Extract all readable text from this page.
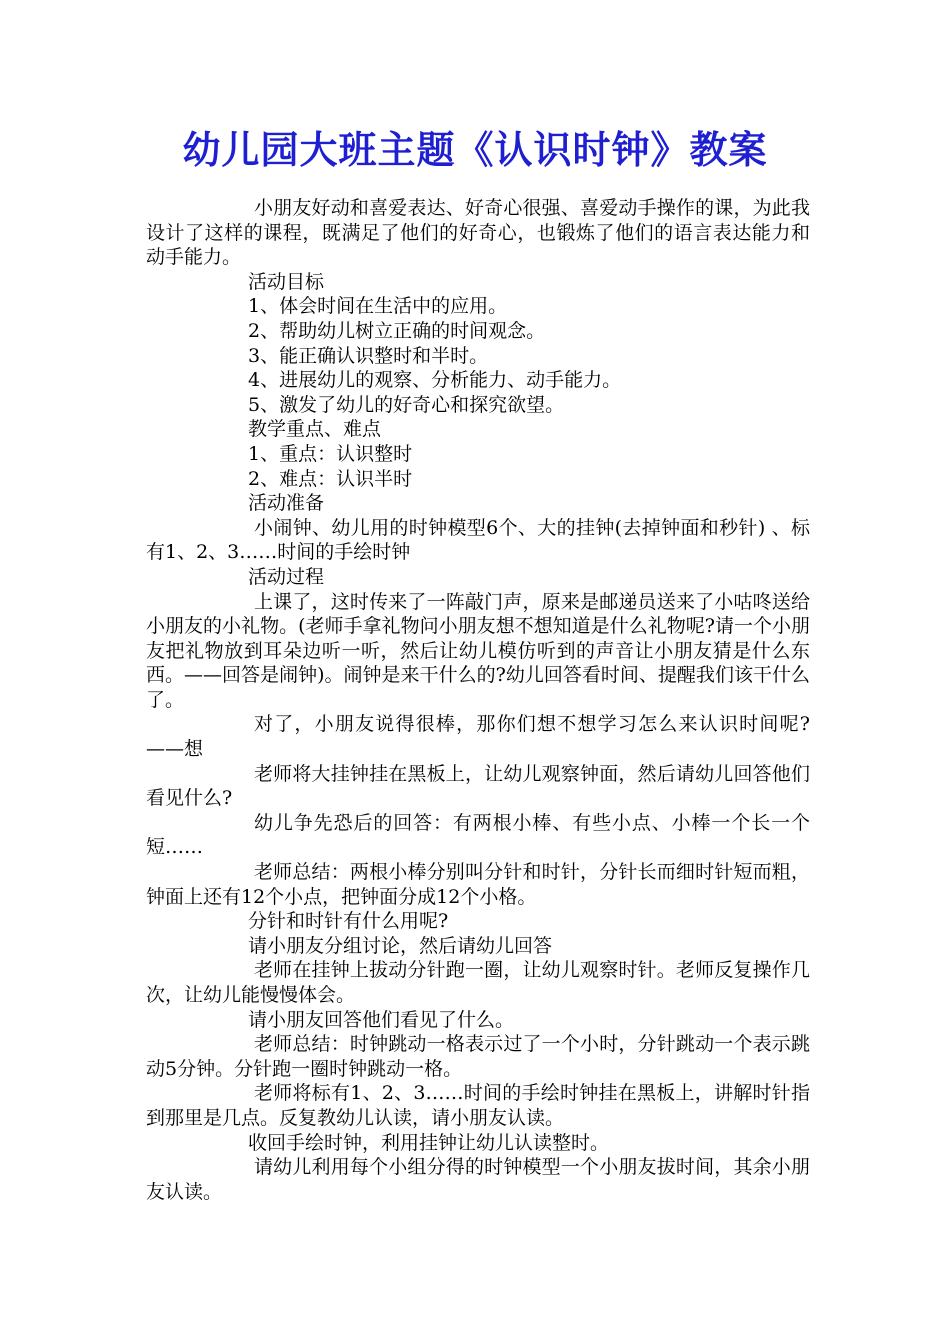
幼儿园大班主题《认识时钟》教案

小朋友好动和喜爱表达、好奇心很强、喜爱动手操作的课，为此我设计了这样的课程，既满足了他们的好奇心，也锻炼了他们的语言表达能力和动手能力。

活动目标

1、体会时间在生活中的应用。

2、帮助幼儿树立正确的时间观念。

3、能正确认识整时和半时。

4、进展幼儿的观察、分析能力、动手能力。

5、激发了幼儿的好奇心和探究欲望。

教学重点、难点

1、重点：认识整时

2、难点：认识半时

活动准备

小闹钟、幼儿用的时钟模型6个、大的挂钟(去掉钟面和秒针) 、标有1、2、3……时间的手绘时钟

活动过程

上课了，这时传来了一阵敲门声，原来是邮递员送来了小咕咚送给小朋友的小礼物。(老师手拿礼物问小朋友想不想知道是什么礼物呢?请一个小朋友把礼物放到耳朵边听一听，然后让幼儿模仿听到的声音让小朋友猜是什么东西。——回答是闹钟)。闹钟是来干什么的?幼儿回答看时间、提醒我们该干什么了。

对了，小朋友说得很棒，那你们想不想学习怎么来认识时间呢?——想

老师将大挂钟挂在黑板上，让幼儿观察钟面，然后请幼儿回答他们看见什么?

幼儿争先恐后的回答：有两根小棒、有些小点、小棒一个长一个短……

老师总结：两根小棒分别叫分针和时针，分针长而细时针短而粗，钟面上还有12个小点，把钟面分成12个小格。

分针和时针有什么用呢?

请小朋友分组讨论，然后请幼儿回答

老师在挂钟上拔动分针跑一圈，让幼儿观察时针。老师反复操作几次，让幼儿能慢慢体会。

请小朋友回答他们看见了什么。

老师总结：时钟跳动一格表示过了一个小时，分针跳动一个表示跳动5分钟。分针跑一圈时钟跳动一格。

老师将标有1、2、3……时间的手绘时钟挂在黑板上，讲解时针指到那里是几点。反复教幼儿认读，请小朋友认读。

收回手绘时钟，利用挂钟让幼儿认读整时。

请幼儿利用每个小组分得的时钟模型一个小朋友拔时间，其余小朋友认读。
